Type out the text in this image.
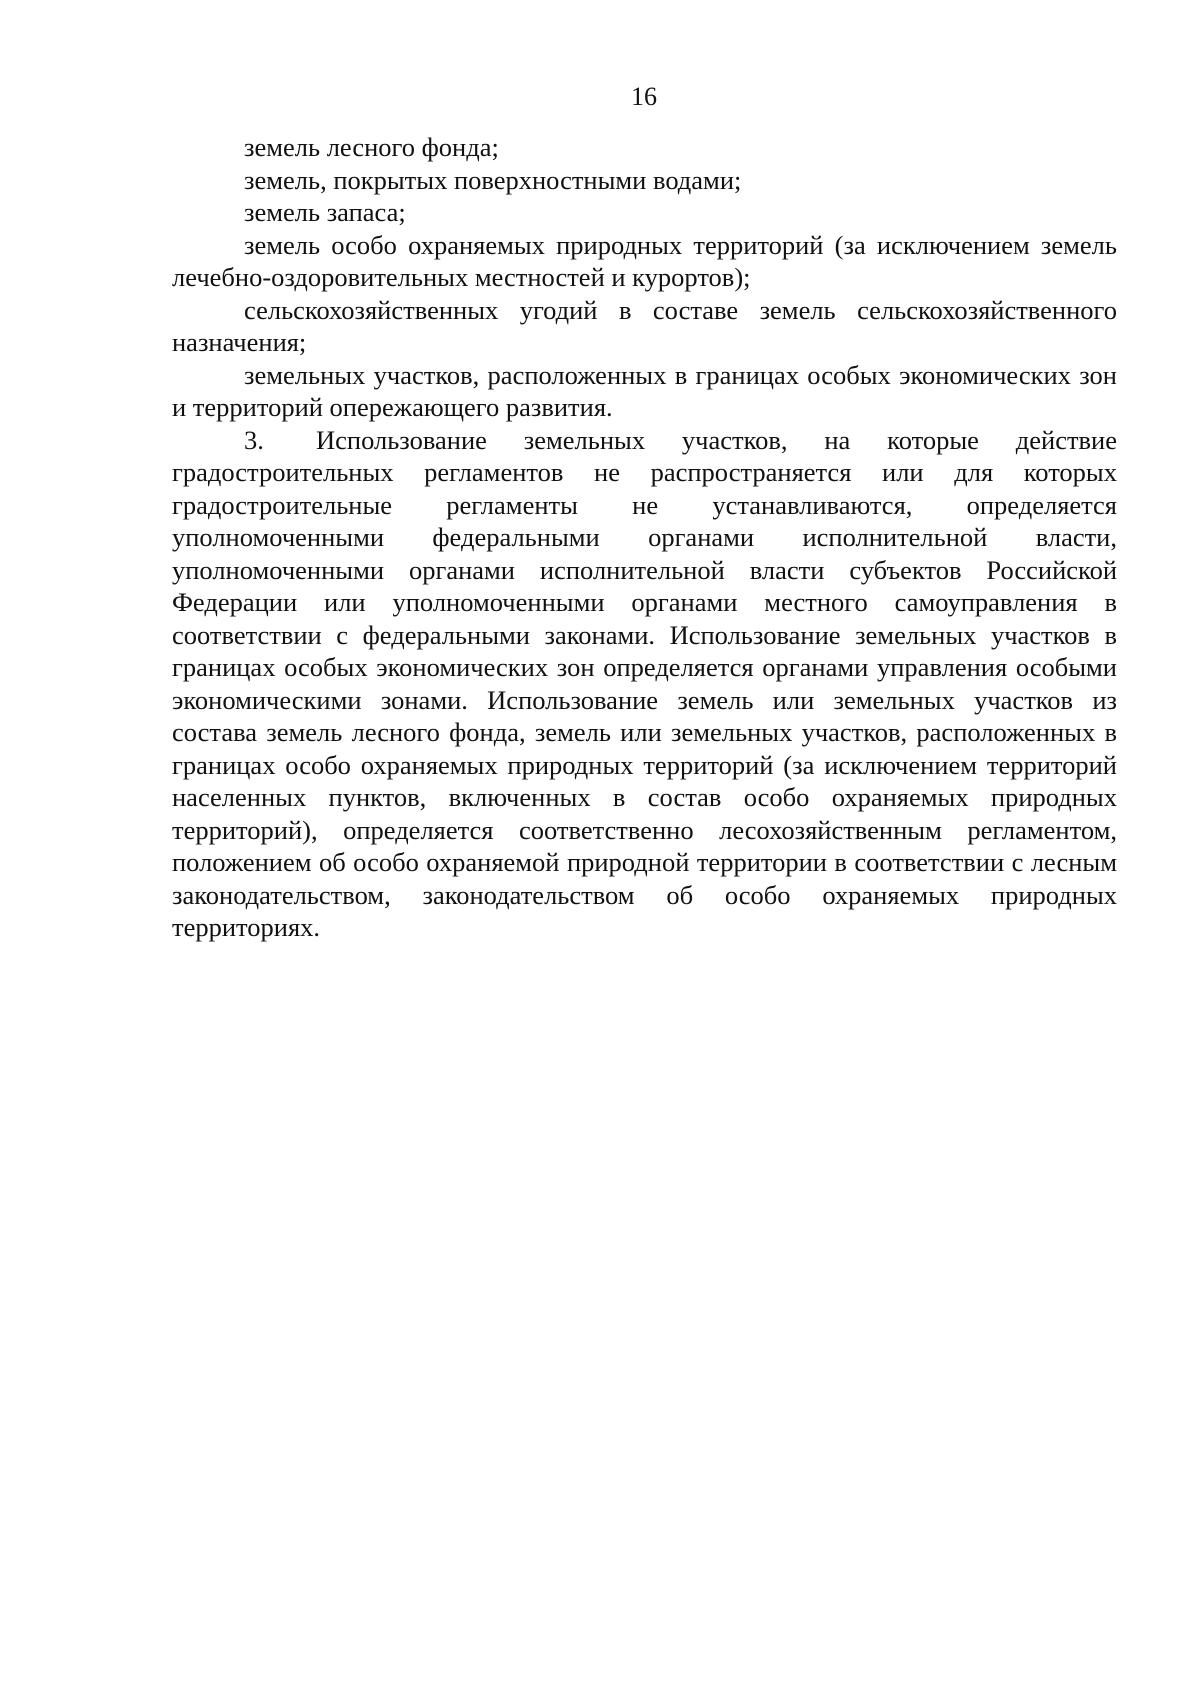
16

земель лесного фонда;

земель, покрытых поверхностными водами;

земель запаса;

земель особо охраняемых природных территорий (за исключением земель лечебно-оздоровительных местностей и курортов);

сельскохозяйственных угодий в составе земель сельскохозяйственного назначения;

земельных участков, расположенных в границах особых экономических зон и территорий опережающего развития.

3. Использование земельных участков, на которые действие градостроительных регламентов не распространяется или для которых градостроительные регламенты не устанавливаются, определяется уполномоченными федеральными органами исполнительной власти, уполномоченными органами исполнительной власти субъектов Российской Федерации или уполномоченными органами местного самоуправления в соответствии с федеральными законами. Использование земельных участков в границах особых экономических зон определяется органами управления особыми экономическими зонами. Использование земель или земельных участков из состава земель лесного фонда, земель или земельных участков, расположенных в границах особо охраняемых природных территорий (за исключением территорий населенных пунктов, включенных в состав особо охраняемых природных территорий), определяется соответственно лесохозяйственным регламентом, положением об особо охраняемой природной территории в соответствии с лесным законодательством, законодательством об особо охраняемых природных территориях.
